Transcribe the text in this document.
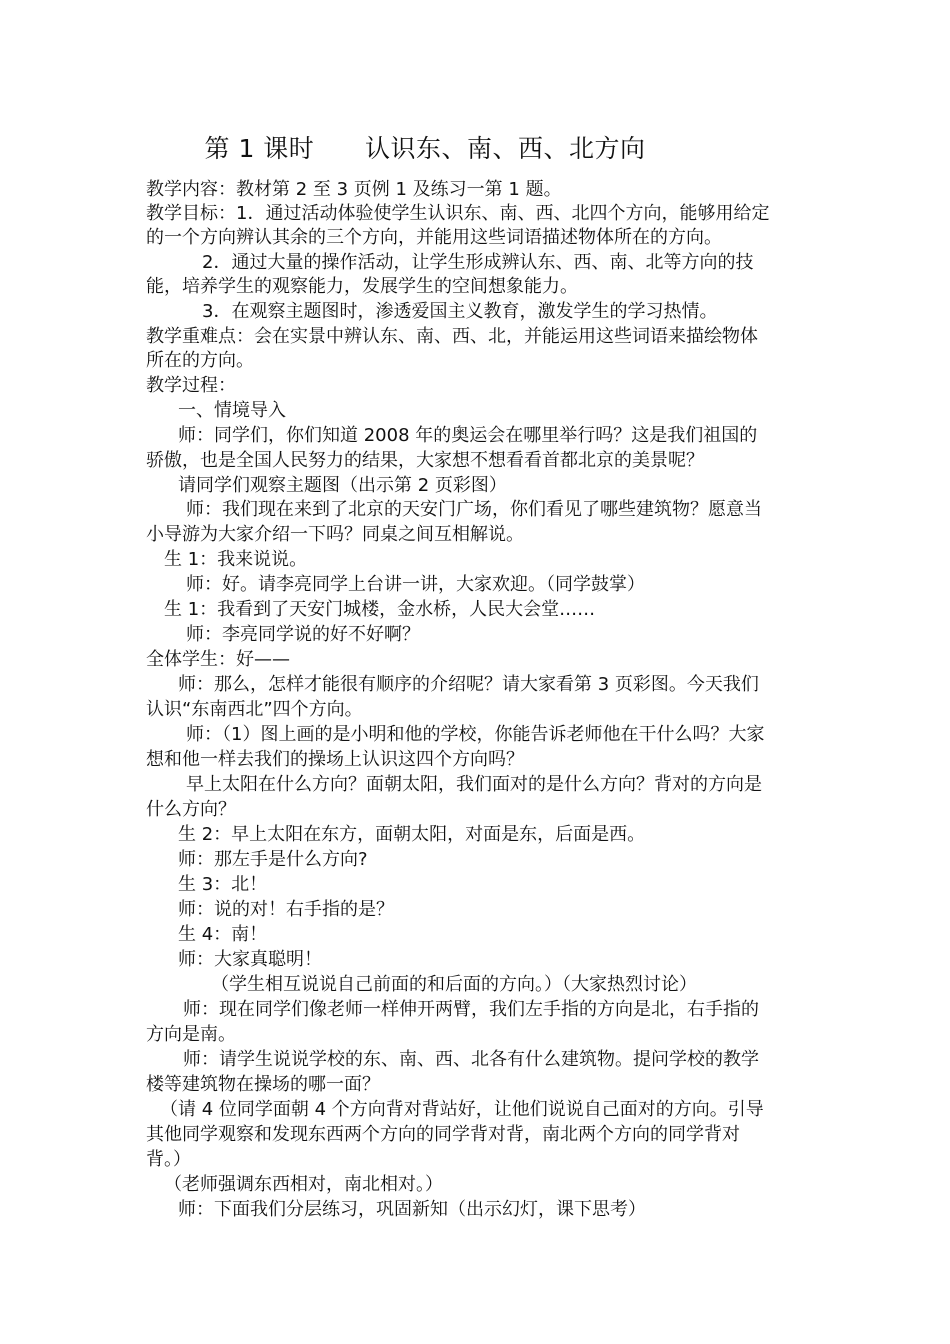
第 1 课时      认识东、南、西、北方向
教学内容：教材第 2 至 3 页例 1 及练习一第 1 题。
教学目标：1．通过活动体验使学生认识东、南、西、北四个方向，能够用给定
的一个方向辨认其余的三个方向，并能用这些词语描述物体所在的方向。
2．通过大量的操作活动，让学生形成辨认东、西、南、北等方向的技
能，培养学生的观察能力，发展学生的空间想象能力。
3．在观察主题图时，渗透爱国主义教育，激发学生的学习热情。
教学重难点：会在实景中辨认东、南、西、北，并能运用这些词语来描绘物体
所在的方向。
教学过程：
一、情境导入
师：同学们，你们知道 2008 年的奥运会在哪里举行吗？这是我们祖国的
骄傲，也是全国人民努力的结果，大家想不想看看首都北京的美景呢？
请同学们观察主题图（出示第 2 页彩图）
师：我们现在来到了北京的天安门广场，你们看见了哪些建筑物？愿意当
小导游为大家介绍一下吗？同桌之间互相解说。
生 1：我来说说。
师：好。请李亮同学上台讲一讲，大家欢迎。（同学鼓掌）
生 1：我看到了天安门城楼，金水桥，人民大会堂……
师：李亮同学说的好不好啊？
全体学生：好——
师：那么，怎样才能很有顺序的介绍呢？请大家看第 3 页彩图。今天我们
认识“东南西北”四个方向。
师：（1）图上画的是小明和他的学校，你能告诉老师他在干什么吗？大家
想和他一样去我们的操场上认识这四个方向吗？
早上太阳在什么方向？面朝太阳，我们面对的是什么方向？背对的方向是
什么方向？
生 2：早上太阳在东方，面朝太阳，对面是东，后面是西。
师：那左手是什么方向?
生 3：北！
师：说的对！右手指的是？
生 4：南！
师：大家真聪明！
（学生相互说说自己前面的和后面的方向。）（大家热烈讨论）
师：现在同学们像老师一样伸开两臂，我们左手指的方向是北，右手指的
方向是南。
师：请学生说说学校的东、南、西、北各有什么建筑物。提问学校的教学
楼等建筑物在操场的哪一面？
（请 4 位同学面朝 4 个方向背对背站好，让他们说说自己面对的方向。引导
其他同学观察和发现东西两个方向的同学背对背，南北两个方向的同学背对
背。）
（老师强调东西相对，南北相对。）
师：下面我们分层练习，巩固新知（出示幻灯，课下思考）
